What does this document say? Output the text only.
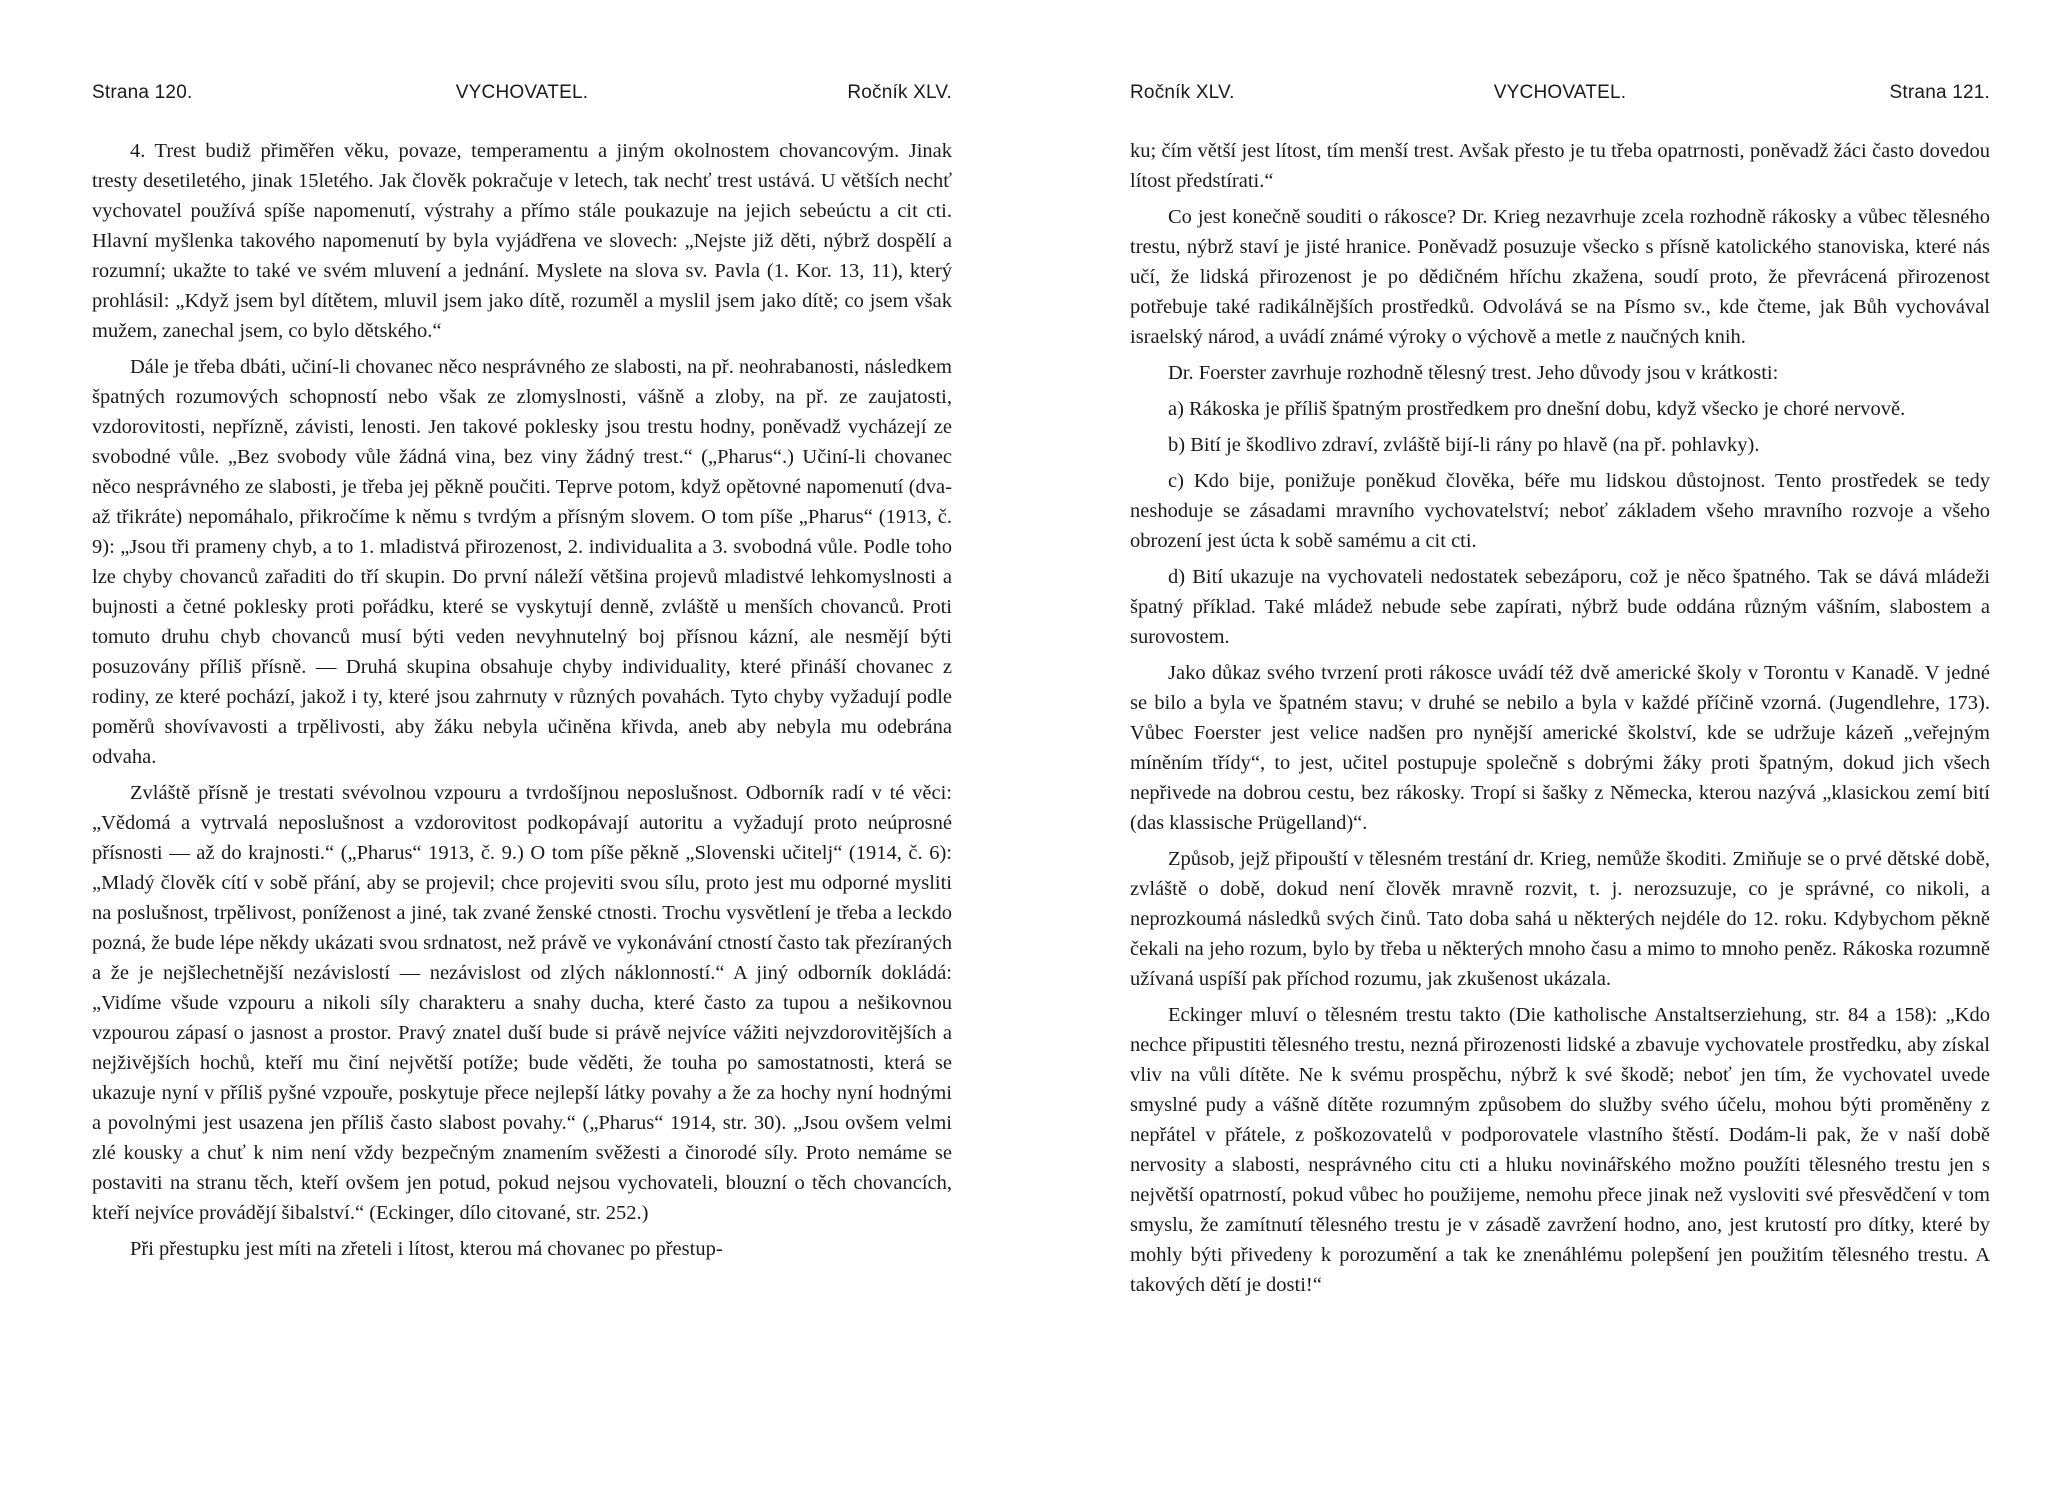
Strana 120.	VYCHOVATEL.	Ročník XLV.

4. Trest budiž přiměřen věku, povaze, temperamentu a jiným okolnostem chovancovým. Jinak tresty desetiletého, jinak 15letého. Jak člověk pokračuje v letech, tak nechť trest ustává. U větších nechť vychovatel používá spíše napomenutí, výstrahy a přímo stále poukazuje na jejich sebeúctu a cit cti. Hlavní myšlenka takového napomenutí by byla vyjádřena ve slovech: „Nejste již děti, nýbrž dospělí a rozumní; ukažte to také ve svém mluvení a jednání. Myslete na slova sv. Pavla (1. Kor. 13, 11), který prohlásil: „Když jsem byl dítětem, mluvil jsem jako dítě, rozuměl a myslil jsem jako dítě; co jsem však mužem, zanechal jsem, co bylo dětského.“

Dále je třeba dbáti, učiní-li chovanec něco nesprávného ze slabosti, na př. neohrabanosti, následkem špatných rozumových schopností nebo však ze zlomyslnosti, vášně a zloby, na př. ze zaujatosti, vzdorovitosti, nepřízně, závisti, lenosti. Jen takové poklesky jsou trestu hodny, poněvadž vycházejí ze svobodné vůle. „Bez svobody vůle žádná vina, bez viny žádný trest.“ („Pharus“.) Učiní-li chovanec něco nesprávného ze slabosti, je třeba jej pěkně poučiti. Teprve potom, když opětovné napomenutí (dva- až třikráte) nepomáhalo, přikročíme k němu s tvrdým a přísným slovem. O tom píše „Pharus“ (1913, č. 9): „Jsou tři prameny chyb, a to 1. mladistvá přirozenost, 2. individualita a 3. svobodná vůle. Podle toho lze chyby chovanců zařaditi do tří skupin. Do první náleží většina projevů mladistvé lehkomyslnosti a bujnosti a četné poklesky proti pořádku, které se vyskytují denně, zvláště u menších chovanců. Proti tomuto druhu chyb chovanců musí býti veden nevyhnutelný boj přísnou kázní, ale nesmějí býti posuzovány příliš přísně. — Druhá skupina obsahuje chyby individuality, které přináší chovanec z rodiny, ze které pochází, jakož i ty, které jsou zahrnuty v různých povahách. Tyto chyby vyžadují podle poměrů shovívavosti a trpělivosti, aby žáku nebyla učiněna křivda, aneb aby nebyla mu odebrána odvaha.

Zvláště přísně je trestati svévolnou vzpouru a tvrdošíjnou neposlušnost. Odborník radí v té věci: „Vědomá a vytrvalá neposlušnost a vzdorovitost podkopávají autoritu a vyžadují proto neúprosné přísnosti — až do krajnosti.“ („Pharus“ 1913, č. 9.) O tom píše pěkně „Slovenski učitelj“ (1914, č. 6): „Mladý člověk cítí v sobě přání, aby se projevil; chce projeviti svou sílu, proto jest mu odporné mysliti na poslušnost, trpělivost, poníženost a jiné, tak zvané ženské ctnosti. Trochu vysvětlení je třeba a leckdo pozná, že bude lépe někdy ukázati svou srdnatost, než právě ve vykonávání ctností často tak přezíraných a že je nejšlechetnější nezávislostí — nezávislost od zlých náklonností.“ A jiný odborník dokládá: „Vidíme všude vzpouru a nikoli síly charakteru a snahy ducha, které často za tupou a nešikovnou vzpourou zápasí o jasnost a prostor. Pravý znatel duší bude si právě nejvíce vážiti nejvzdorovitějších a nejživějších hochů, kteří mu činí největší potíže; bude věděti, že touha po samostatnosti, která se ukazuje nyní v příliš pyšné vzpouře, poskytuje přece nejlepší látky povahy a že za hochy nyní hodnými a povolnými jest usazena jen příliš často slabost povahy.“ („Pharus“ 1914, str. 30). „Jsou ovšem velmi zlé kousky a chuť k nim není vždy bezpečným znamením svěžesti a činorodé síly. Proto nemáme se postaviti na stranu těch, kteří ovšem jen potud, pokud nejsou vychovateli, blouzní o těch chovancích, kteří nejvíce provádějí šibalství.“ (Eckinger, dílo citované, str. 252.)

Při přestupku jest míti na zřeteli i lítost, kterou má chovanec po přestup-

Ročník XLV.	VYCHOVATEL.	Strana 121.

ku; čím větší jest lítost, tím menší trest. Avšak přesto je tu třeba opatrnosti, poněvadž žáci často dovedou lítost předstírati.“

Co jest konečně souditi o rákosce? Dr. Krieg nezavrhuje zcela rozhodně rákosky a vůbec tělesného trestu, nýbrž staví je jisté hranice. Poněvadž posuzuje všecko s přísně katolického stanoviska, které nás učí, že lidská přirozenost je po dědičném hříchu zkažena, soudí proto, že převrácená přirozenost potřebuje také radikálnějších prostředků. Odvolává se na Písmo sv., kde čteme, jak Bůh vychovával israelský národ, a uvádí známé výroky o výchově a metle z naučných knih.

Dr. Foerster zavrhuje rozhodně tělesný trest. Jeho důvody jsou v krátkosti:

a) Rákoska je příliš špatným prostředkem pro dnešní dobu, když všecko je choré nervově.

b) Bití je škodlivo zdraví, zvláště bijí-li rány po hlavě (na př. pohlavky).

c) Kdo bije, ponižuje poněkud člověka, béře mu lidskou důstojnost. Tento prostředek se tedy neshoduje se zásadami mravního vychovatelství; neboť základem všeho mravního rozvoje a všeho obrození jest úcta k sobě samému a cit cti.

d) Bití ukazuje na vychovateli nedostatek sebezáporu, což je něco špatného. Tak se dává mládeži špatný příklad. Také mládež nebude sebe zapírati, nýbrž bude oddána různým vášním, slabostem a surovostem.

Jako důkaz svého tvrzení proti rákosce uvádí též dvě americké školy v Torontu v Kanadě. V jedné se bilo a byla ve špatném stavu; v druhé se nebilo a byla v každé příčině vzorná. (Jugendlehre, 173). Vůbec Foerster jest velice nadšen pro nynější americké školství, kde se udržuje kázeň „veřejným míněním třídy“, to jest, učitel postupuje společně s dobrými žáky proti špatným, dokud jich všech nepřivede na dobrou cestu, bez rákosky. Tropí si šašky z Německa, kterou nazývá „klasickou zemí bití (das klassische Prügelland)“.

Způsob, jejž připouští v tělesném trestání dr. Krieg, nemůže škoditi. Zmiňuje se o prvé dětské době, zvláště o době, dokud není člověk mravně rozvit, t. j. nerozsuzuje, co je správné, co nikoli, a neprozkoumá následků svých činů. Tato doba sahá u některých nejdéle do 12. roku. Kdybychom pěkně čekali na jeho rozum, bylo by třeba u některých mnoho času a mimo to mnoho peněz. Rákoska rozumně užívaná uspíší pak příchod rozumu, jak zkušenost ukázala.

Eckinger mluví o tělesném trestu takto (Die katholische Anstaltserziehung, str. 84 a 158): „Kdo nechce připustiti tělesného trestu, nezná přirozenosti lidské a zbavuje vychovatele prostředku, aby získal vliv na vůli dítěte. Ne k svému prospěchu, nýbrž k své škodě; neboť jen tím, že vychovatel uvede smyslné pudy a vášně dítěte rozumným způsobem do služby svého účelu, mohou býti proměněny z nepřátel v přátele, z poškozovatelů v podporovatele vlastního štěstí. Dodám-li pak, že v naší době nervosity a slabosti, nesprávného citu cti a hluku novinářského možno použíti tělesného trestu jen s největší opatrností, pokud vůbec ho použijeme, nemohu přece jinak než vysloviti své přesvědčení v tom smyslu, že zamítnutí tělesného trestu je v zásadě zavržení hodno, ano, jest krutostí pro dítky, které by mohly býti přivedeny k porozumění a tak ke znenáhlému polepšení jen použitím tělesného trestu. A takových dětí je dosti!“
